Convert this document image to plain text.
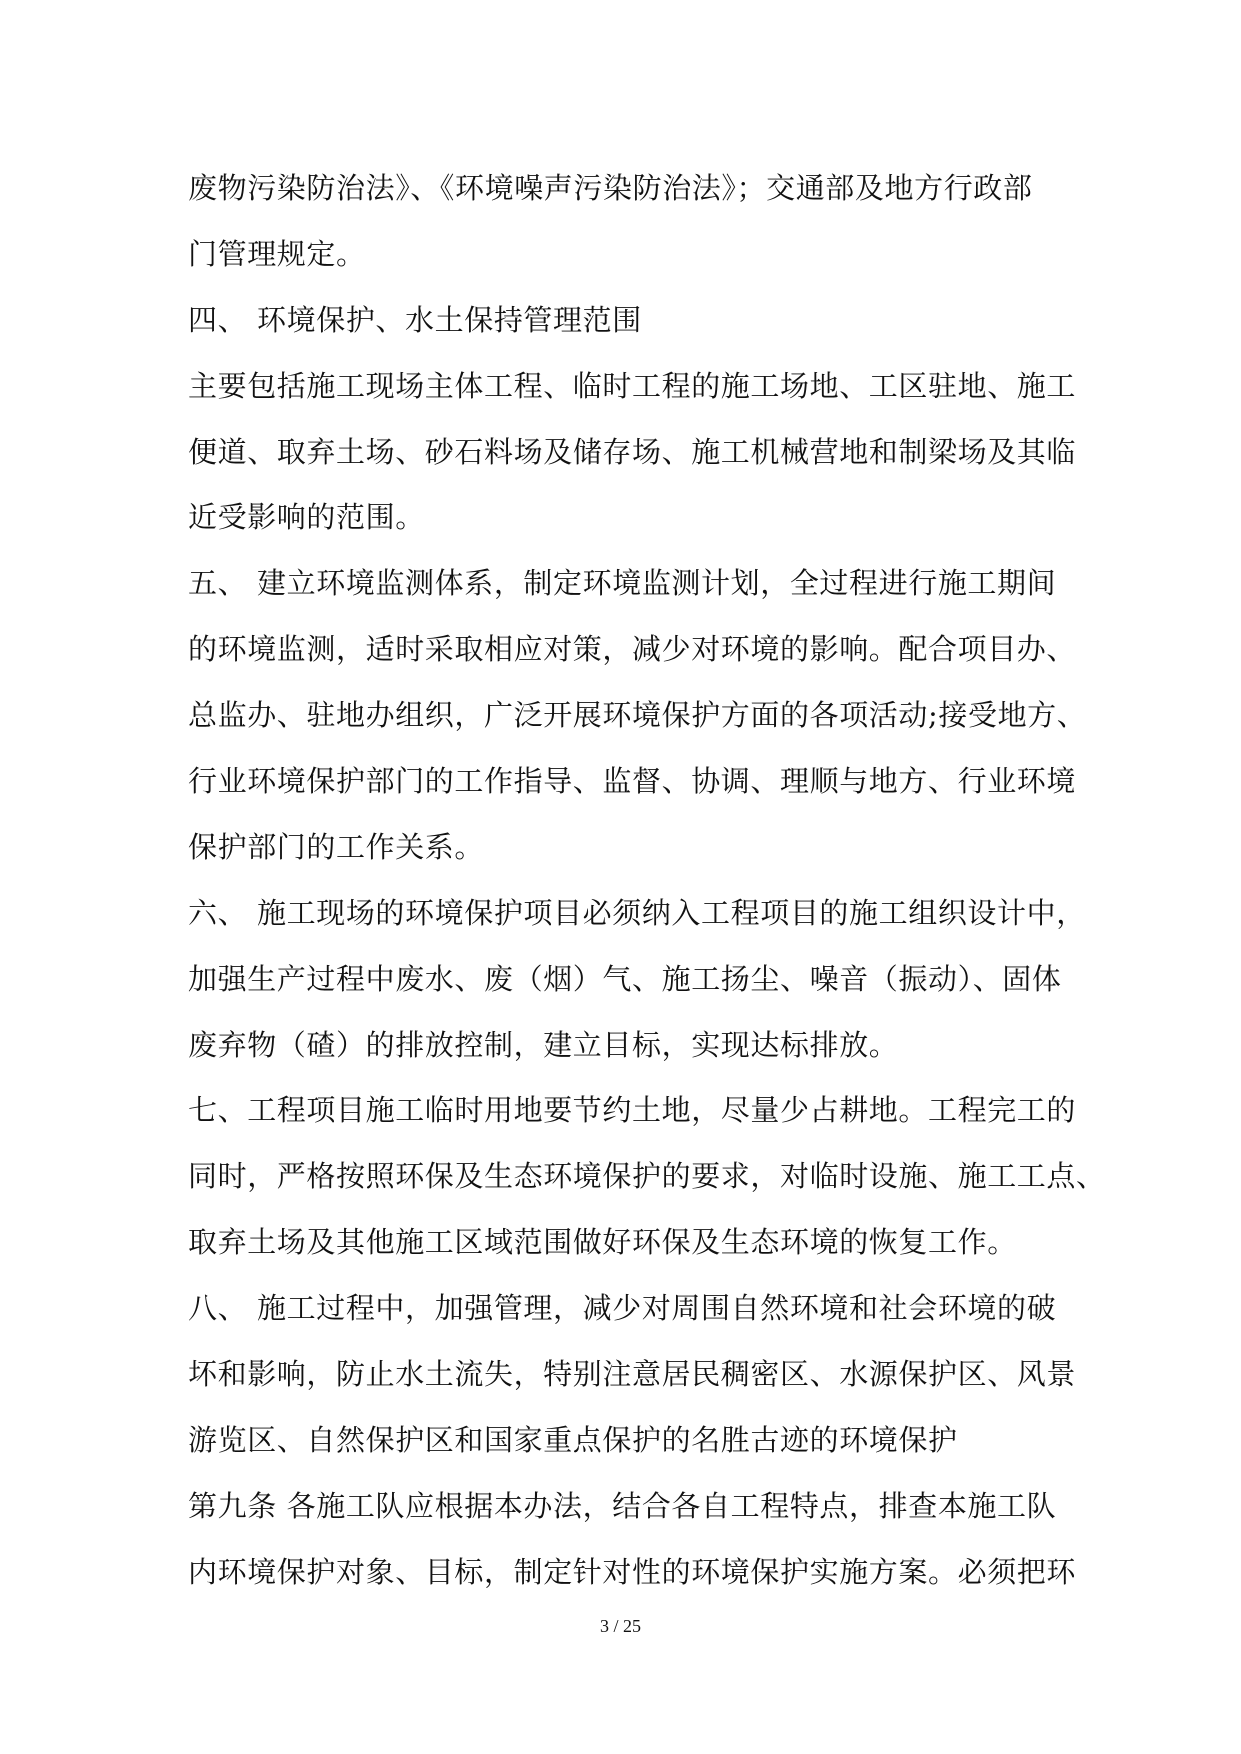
废物污染防治法》、《环境噪声污染防治法》；交通部及地方行政部
门管理规定。
四、 环境保护、水土保持管理范围
主要包括施工现场主体工程、临时工程的施工场地、工区驻地、施工
便道、取弃土场、砂石料场及储存场、施工机械营地和制梁场及其临
近受影响的范围。
五、 建立环境监测体系，制定环境监测计划，全过程进行施工期间
的环境监测，适时采取相应对策，减少对环境的影响。配合项目办、
总监办、驻地办组织，广泛开展环境保护方面的各项活动;接受地方、
行业环境保护部门的工作指导、监督、协调、理顺与地方、行业环境
保护部门的工作关系。
六、 施工现场的环境保护项目必须纳入工程项目的施工组织设计中，
加强生产过程中废水、废（烟）气、施工扬尘、噪音（振动）、固体
废弃物（碴）的排放控制，建立目标，实现达标排放。
七、工程项目施工临时用地要节约土地，尽量少占耕地。工程完工的
同时，严格按照环保及生态环境保护的要求，对临时设施、施工工点、
取弃土场及其他施工区域范围做好环保及生态环境的恢复工作。
八、 施工过程中，加强管理，减少对周围自然环境和社会环境的破
坏和影响，防止水土流失，特别注意居民稠密区、水源保护区、风景
游览区、自然保护区和国家重点保护的名胜古迹的环境保护
第九条 各施工队应根据本办法，结合各自工程特点，排查本施工队
内环境保护对象、目标，制定针对性的环境保护实施方案。必须把环
3 / 25
